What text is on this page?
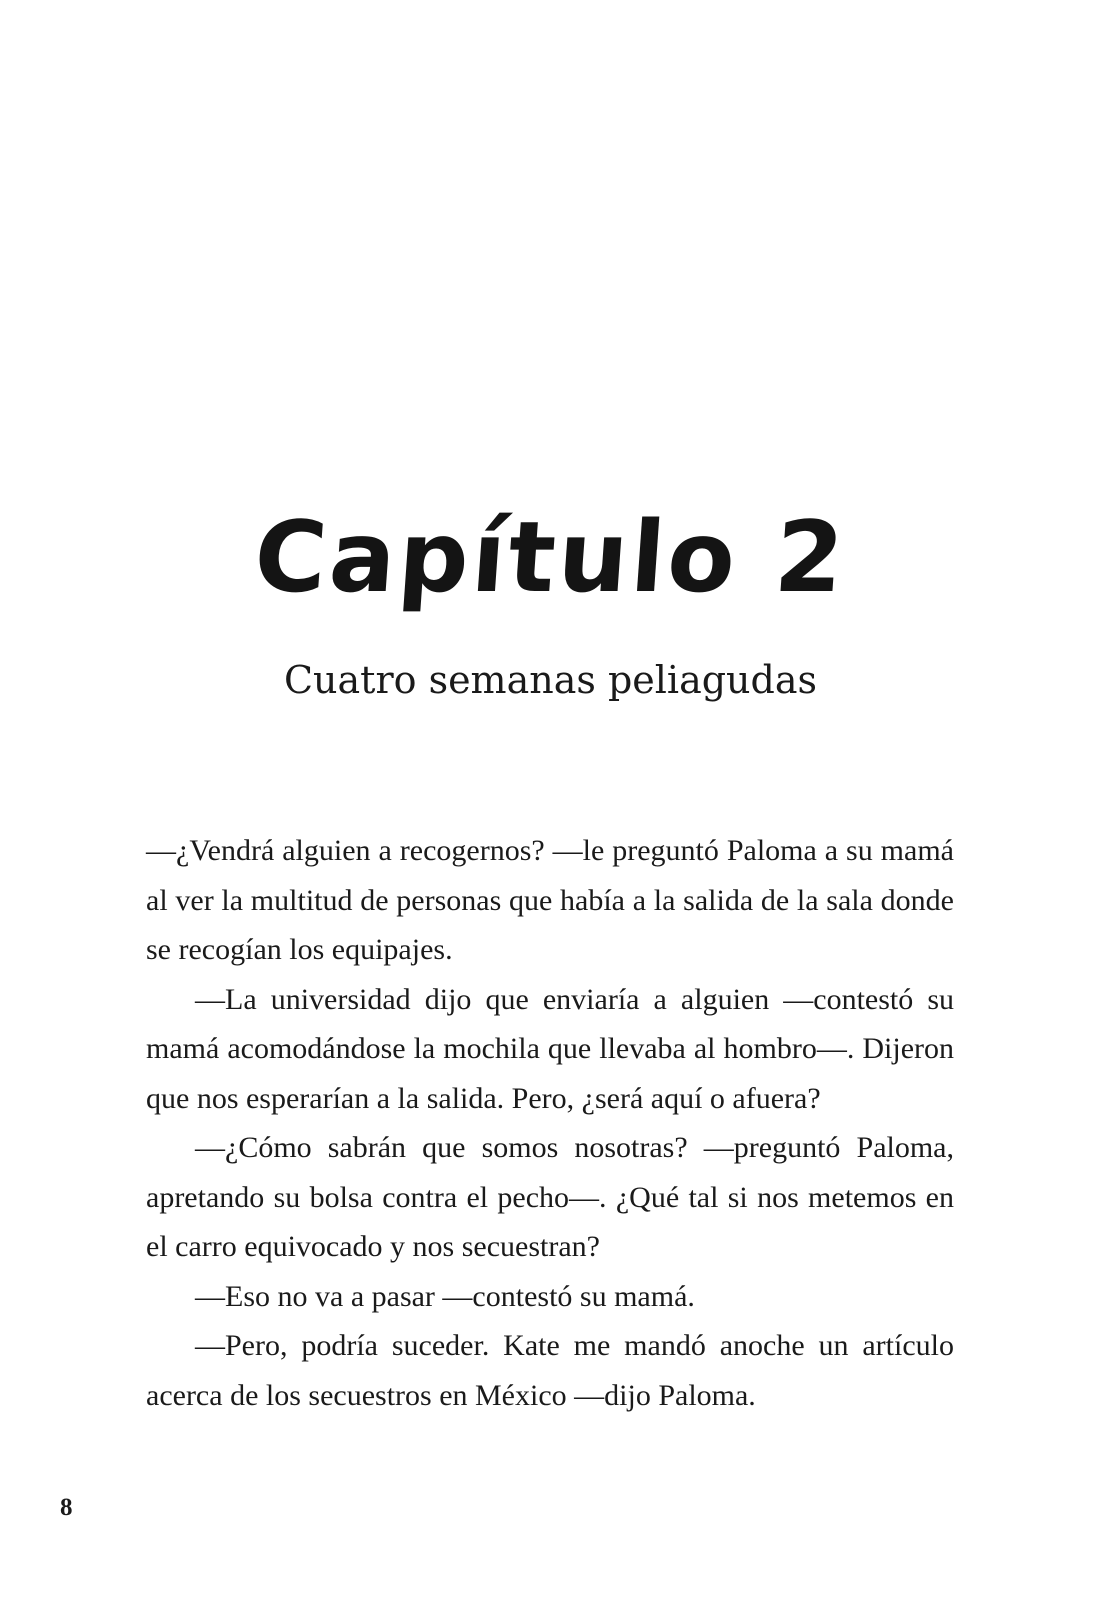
Capítulo 2
Cuatro semanas peliagudas

—¿Vendrá alguien a recogernos? —le preguntó Paloma a su mamá al ver la multitud de personas que había a la salida de la sala donde se recogían los equipajes.

—La universidad dijo que enviaría a alguien —contestó su mamá acomodándose la mochila que llevaba al hombro—. Dijeron que nos esperarían a la salida. Pero, ¿será aquí o afuera?

—¿Cómo sabrán que somos nosotras? —preguntó Paloma, apretando su bolsa contra el pecho—. ¿Qué tal si nos metemos en el carro equivocado y nos secuestran?

—Eso no va a pasar —contestó su mamá.

—Pero, podría suceder. Kate me mandó anoche un artículo acerca de los secuestros en México —dijo Paloma.

8
